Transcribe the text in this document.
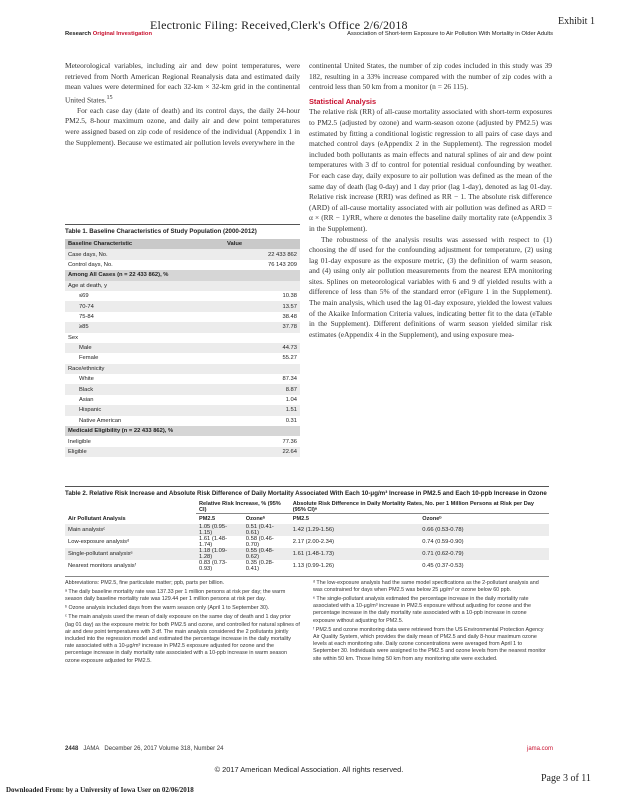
Electronic Filing: Received,Clerk's Office 2/6/2018	Exhibit 1
Research Original Investigation	Association of Short-term Exposure to Air Pollution With Mortality in Older Adults

Meteorological variables, including air and dew point temperatures, were retrieved from North American Regional Reanalysis data and estimated daily mean values were determined for each 32-km × 32-km grid in the continental United States.$^{15}$

For each case day (date of death) and its control days, the daily 24-hour PM2.5, 8-hour maximum ozone, and daily air and dew point temperatures were assigned based on zip code of residence of the individual (Appendix 1 in the Supplement). Because we estimated air pollution levels everywhere in the

Table 1. Baseline Characteristics of Study Population (2000-2012)
Baseline Characteristic	Value
Case days, No.	22 433 862
Control days, No.	76 143 209
Among All Cases (n = 22 433 862), %	
Age at death, y	
≤69	10.38
70-74	13.57
75-84	38.48
≥85	37.78
Sex	
Male	44.73
Female	55.27
Race/ethnicity	
White	87.34
Black	8.87
Asian	1.04
Hispanic	1.51
Native American	0.31
Medicaid Eligibility (n = 22 433 862), %	
Ineligible	77.36
Eligible	22.64

continental United States, the number of zip codes included in this study was 39 182, resulting in a 33% increase compared with the number of zip codes with a centroid less than 50 km from a monitor (n = 26 115).

Statistical Analysis

The relative risk (RR) of all-cause mortality associated with short-term exposures to PM2.5 (adjusted by ozone) and warm-season ozone (adjusted by PM2.5) was estimated by fitting a conditional logistic regression to all pairs of case days and matched control days (eAppendix 2 in the Supplement). The regression model included both pollutants as main effects and natural splines of air and dew point temperatures with 3 df to control for potential residual confounding by weather. For each case day, daily exposure to air pollution was defined as the mean of the same day of death (lag 0-day) and 1 day prior (lag 1-day), denoted as lag 01-day. Relative risk increase (RRI) was defined as RR − 1. The absolute risk difference (ARD) of all-cause mortality associated with air pollution was defined as ARD = α × (RR − 1)/RR, where α denotes the baseline daily mortality rate (eAppendix 3 in the Supplement).

The robustness of the analysis results was assessed with respect to (1) choosing the df used for the confounding adjustment for temperature, (2) using lag 01-day exposure as the exposure metric, (3) the definition of warm season, and (4) using only air pollution measurements from the nearest EPA monitoring sites. Splines on meteorological variables with 6 and 9 df yielded results with a difference of less than 5% of the standard error (eFigure 1 in the Supplement). The main analysis, which used the lag 01-day exposure, yielded the lowest values of the Akaike Information Criteria values, indicating better fit to the data (eTable in the Supplement). Different definitions of warm season yielded similar risk estimates (eAppendix 4 in the Supplement), and using exposure mea-

Table 2. Relative Risk Increase and Absolute Risk Difference of Daily Mortality Associated With Each 10-μg/m³ Increase in PM2.5 and Each 10-ppb Increase in Ozone
	Relative Risk Increase, % (95% CI)		Absolute Risk Difference in Daily Mortality Rates, No. per 1 Million Persons at Risk per Day (95% CI)ᵃ	
Air Pollutant Analysis	PM2.5	Ozoneᵇ	PM2.5	Ozoneᵇ
Main analysisᶜ	1.05 (0.95-1.15)	0.51 (0.41-0.61)	1.42 (1.29-1.56)	0.66 (0.53-0.78)
Low-exposure analysisᵈ	1.61 (1.48-1.74)	0.58 (0.46-0.70)	2.17 (2.00-2.34)	0.74 (0.59-0.90)
Single-pollutant analysisᵉ	1.18 (1.09-1.28)	0.55 (0.48-0.62)	1.61 (1.48-1.73)	0.71 (0.62-0.79)
Nearest monitors analysisᶠ	0.83 (0.73-0.93)	0.35 (0.28-0.41)	1.13 (0.99-1.26)	0.45 (0.37-0.53)

Abbreviations: PM2.5, fine particulate matter; ppb, parts per billion.

ᵃ The daily baseline mortality rate was 137.33 per 1 million persons at risk per day; the warm season daily baseline mortality rate was 129.44 per 1 million persons at risk per day.

ᵇ Ozone analysis included days from the warm season only (April 1 to September 30).

ᶜ The main analysis used the mean of daily exposure on the same day of death and 1 day prior (lag 01 day) as the exposure metric for both PM2.5 and ozone, and controlled for natural splines of air and dew point temperatures with 3 df. The main analysis considered the 2 pollutants jointly included into the regression model and estimated the percentage increase in the daily mortality rate associated with a 10-μg/m³ increase in PM2.5 exposure adjusted for ozone and the percentage increase in daily mortality rate associated with a 10-ppb increase in warm season ozone exposure adjusted for PM2.5.

ᵈ The low-exposure analysis had the same model specifications as the 2-pollutant analysis and was constrained for days when PM2.5 was below 25 μg/m³ or ozone below 60 ppb.

ᵉ The single-pollutant analysis estimated the percentage increase in the daily mortality rate associated with a 10-μg/m³ increase in PM2.5 exposure without adjusting for ozone and the percentage increase in the daily mortality rate associated with a 10-ppb increase in ozone exposure without adjusting for PM2.5.

ᶠ PM2.5 and ozone monitoring data were retrieved from the US Environmental Protection Agency Air Quality System, which provides the daily mean of PM2.5 and daily 8-hour maximum ozone levels at each monitoring site. Daily ozone concentrations were averaged from April 1 to September 30. Individuals were assigned to the PM2.5 and ozone levels from the nearest monitor site within 50 km. Those living 50 km from any monitoring site were excluded.

2448 JAMA December 26, 2017 Volume 318, Number 24	jama.com
© 2017 American Medical Association. All rights reserved.
Downloaded From: by a University of Iowa User on 02/06/2018
Page 3 of 11
